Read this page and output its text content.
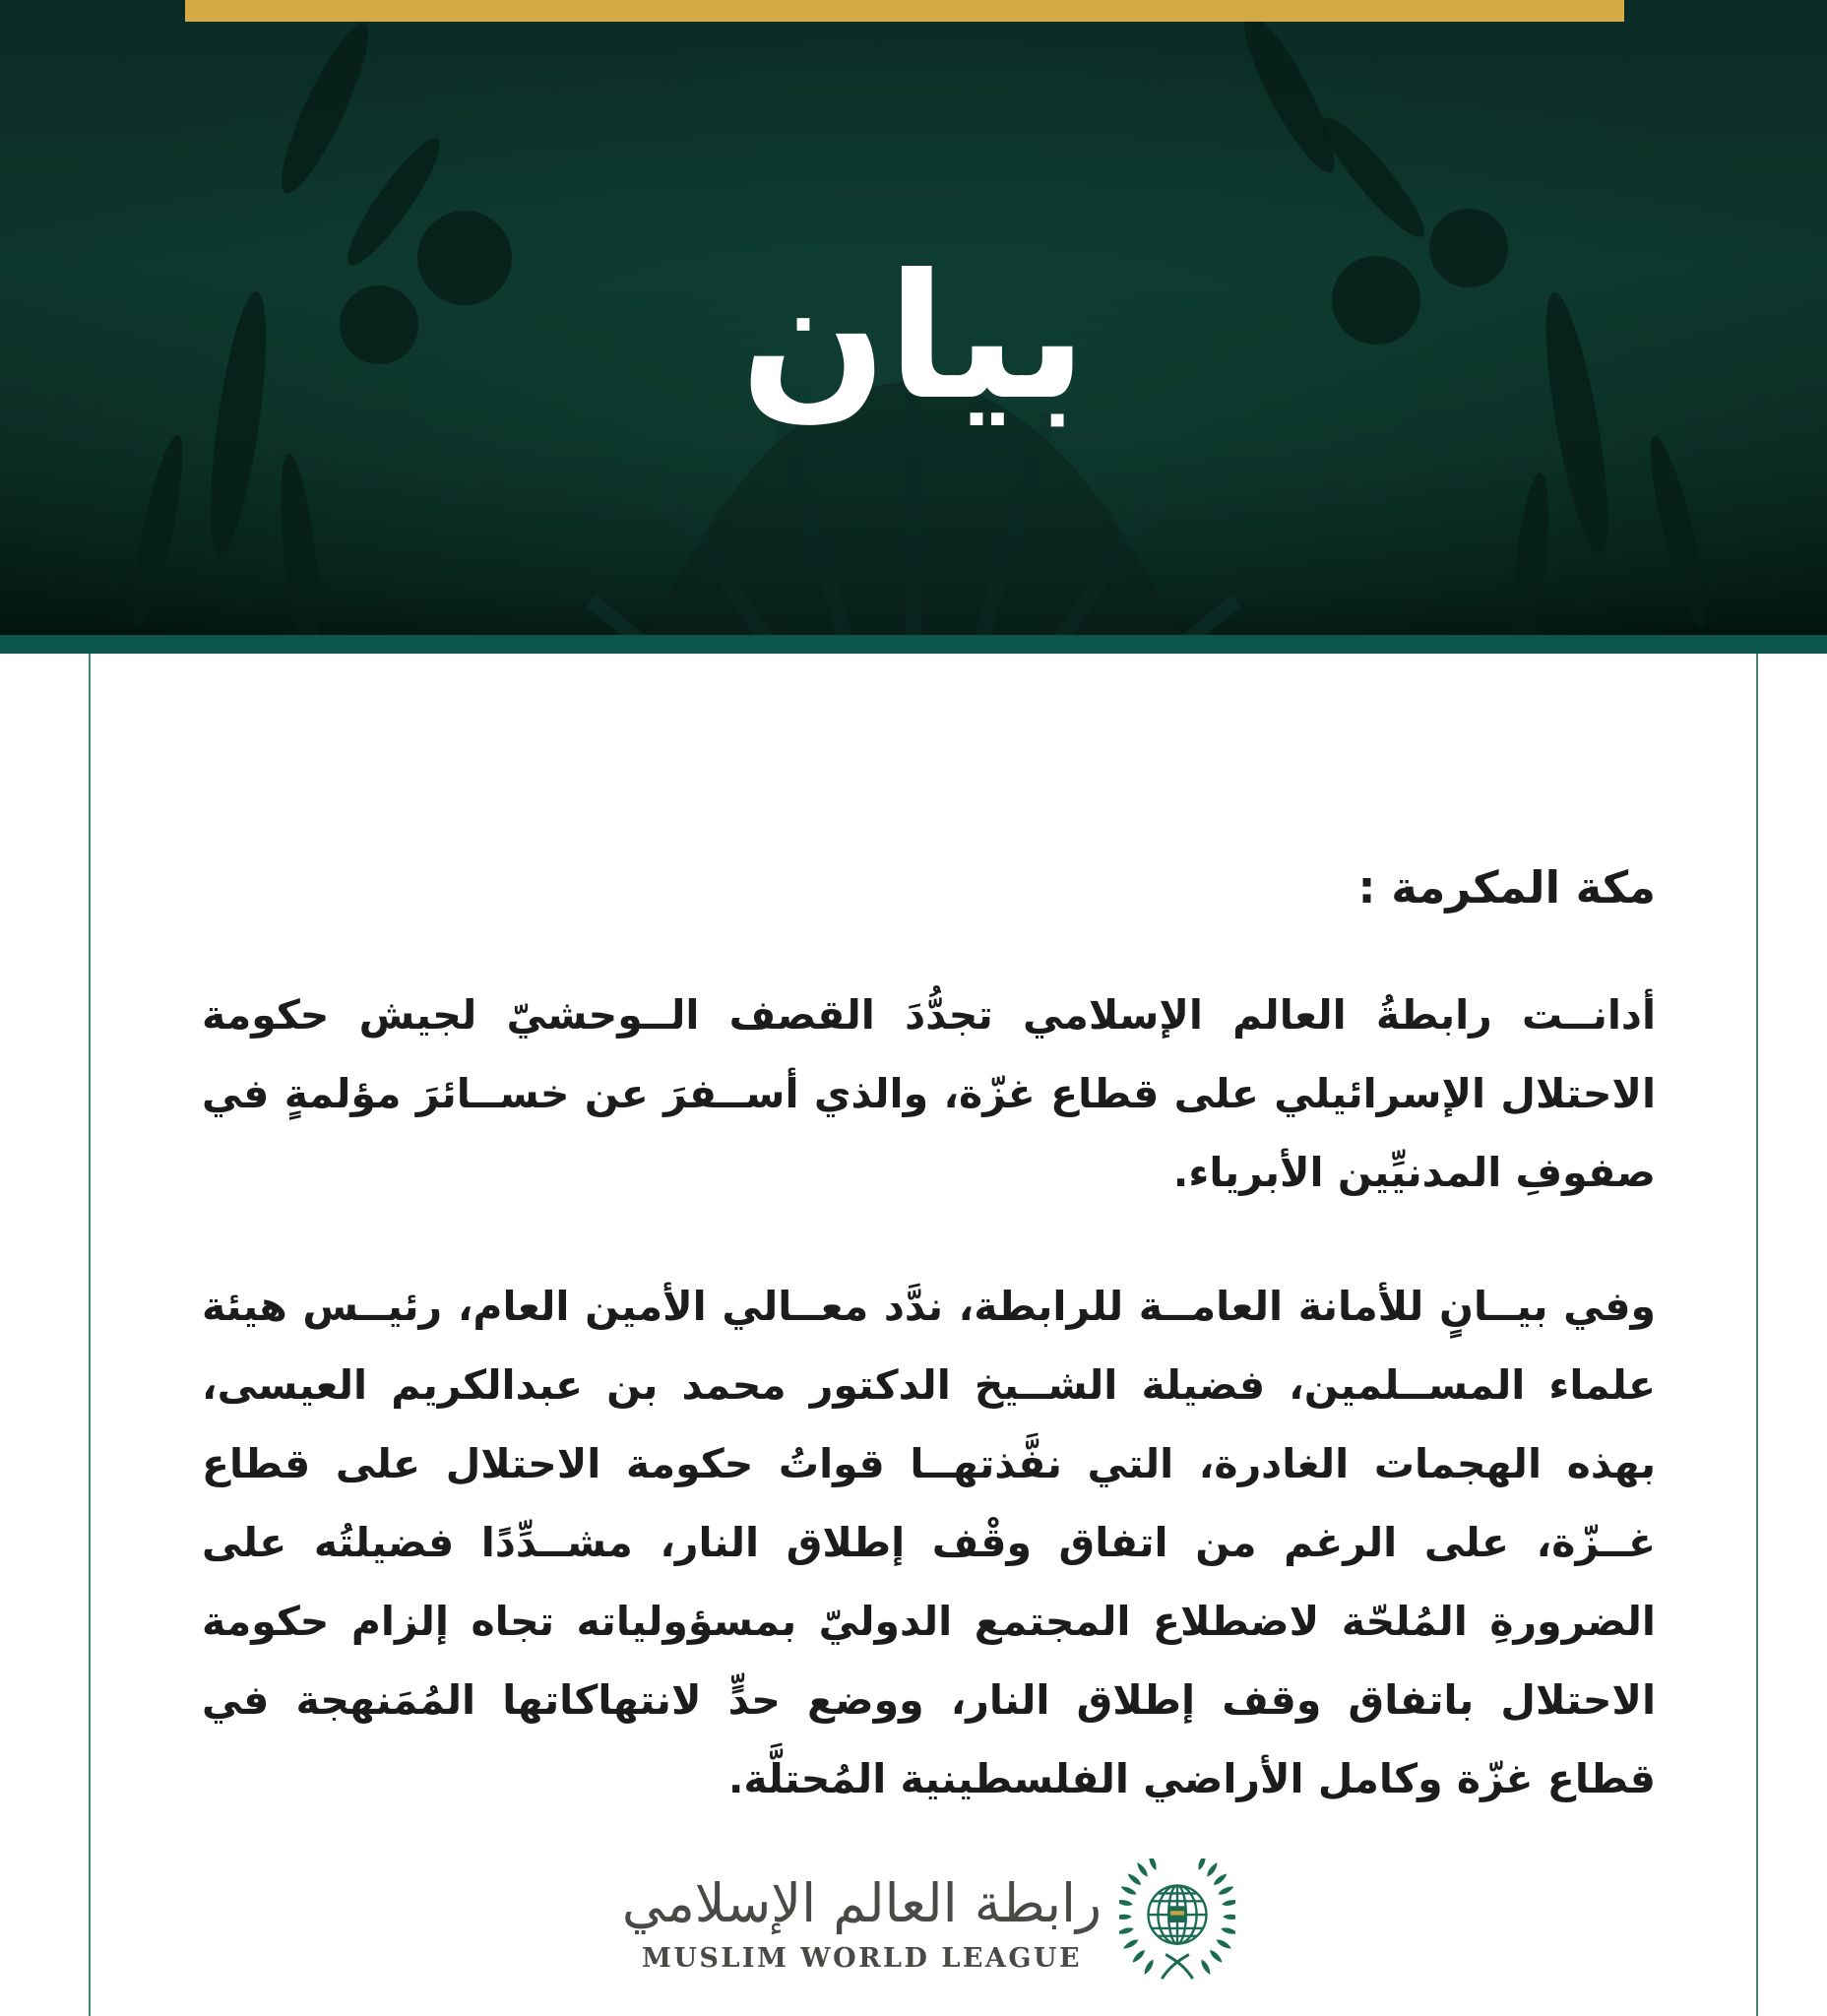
بيان
مكة المكرمة :

أدانــت رابطةُ العالم الإسلامي تجدُّدَ القصف الــوحشيّ لجيش حكومة الاحتلال الإسرائيلي على قطاع غزّة، والذي أســفرَ عن خســائرَ مؤلمةٍ في صفوفِ المدنيِّين الأبرياء.

وفي بيــانٍ للأمانة العامــة للرابطة، ندَّد معــالي الأمين العام، رئيــس هيئة علماء المســلمين، فضيلة الشــيخ الدكتور محمد بن عبدالكريم العيسى، بهذه الهجمات الغادرة، التي نفَّذتهــا قواتُ حكومة الاحتلال على قطاع غــزّة، على الرغم من اتفاق وقْف إطلاق النار، مشــدِّدًا فضيلتُه على الضرورةِ المُلحّة لاضطلاع المجتمع الدوليّ بمسؤولياته تجاه إلزام حكومة الاحتلال باتفاق وقف إطلاق النار، ووضع حدٍّ لانتهاكاتها المُمَنهجة في قطاع غزّة وكامل الأراضي الفلسطينية المُحتلَّة.

رابطة العالم الإسلامي
MUSLIM WORLD LEAGUE
